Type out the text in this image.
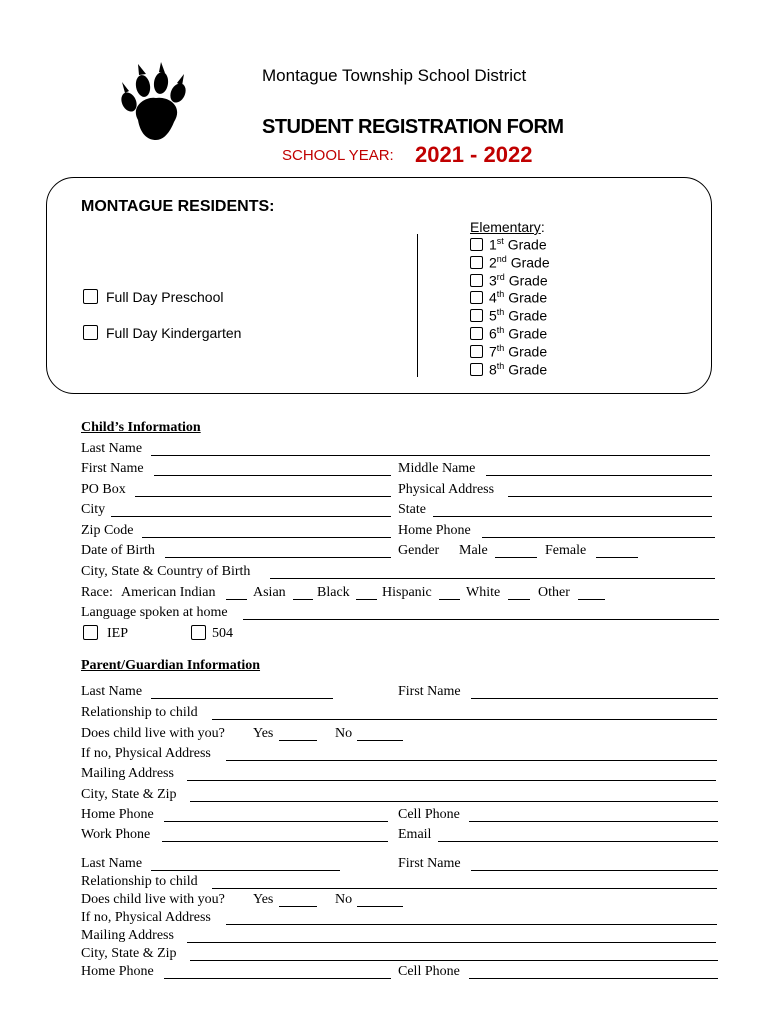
Montague Township School District
STUDENT REGISTRATION FORM
SCHOOL YEAR: 2021 - 2022
MONTAGUE RESIDENTS:
Full Day Preschool
Full Day Kindergarten
Elementary:
1st Grade
2nd Grade
3rd Grade
4th Grade
5th Grade
6th Grade
7th Grade
8th Grade
Child’s Information
Last Name
First Name	Middle Name
PO Box	Physical Address
City	State
Zip Code	Home Phone
Date of Birth	Gender Male	Female
City, State & Country of Birth
Race: American Indian	Asian Black Hispanic White	Other
Language spoken at home
IEP	504
Parent/Guardian Information
Last Name	First Name
Relationship to child
Does child live with you? Yes	No
If no, Physical Address
Mailing Address
City, State & Zip
Home Phone	Cell Phone
Work Phone	Email
Last Name	First Name
Relationship to child
Does child live with you? Yes	No
If no, Physical Address
Mailing Address
City, State & Zip
Home Phone	Cell Phone
